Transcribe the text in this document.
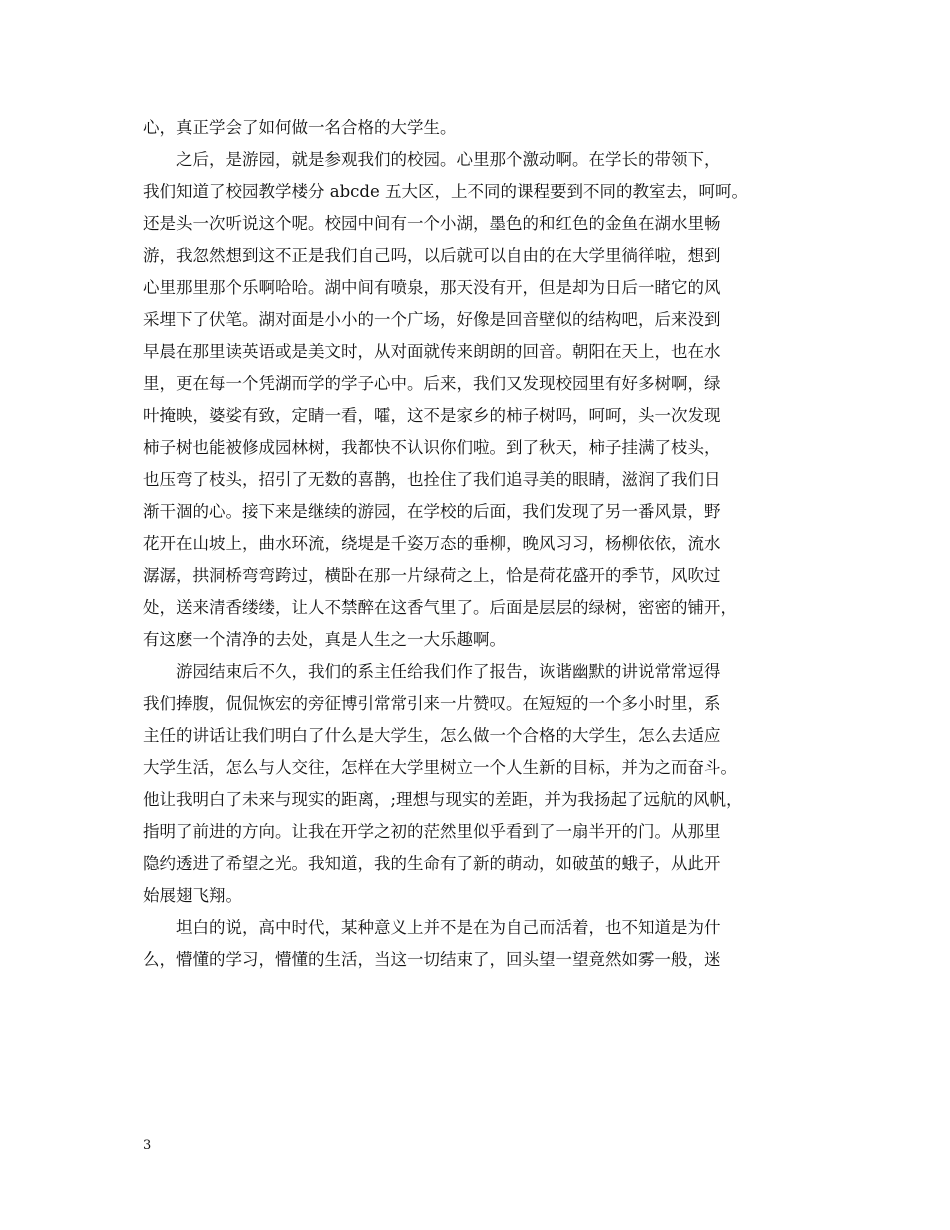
心，真正学会了如何做一名合格的大学生。
　　之后，是游园，就是参观我们的校园。心里那个激动啊。在学长的带领下，
我们知道了校园教学楼分 abcde 五大区，上不同的课程要到不同的教室去，呵呵。
还是头一次听说这个呢。校园中间有一个小湖，墨色的和红色的金鱼在湖水里畅
游，我忽然想到这不正是我们自己吗，以后就可以自由的在大学里徜徉啦，想到
心里那里那个乐啊哈哈。湖中间有喷泉，那天没有开，但是却为日后一睹它的风
采埋下了伏笔。湖对面是小小的一个广场，好像是回音壁似的结构吧，后来没到
早晨在那里读英语或是美文时，从对面就传来朗朗的回音。朝阳在天上，也在水
里，更在每一个凭湖而学的学子心中。后来，我们又发现校园里有好多树啊，绿
叶掩映，婆娑有致，定睛一看，嚯，这不是家乡的柿子树吗，呵呵，头一次发现
柿子树也能被修成园林树，我都快不认识你们啦。到了秋天，柿子挂满了枝头，
也压弯了枝头，招引了无数的喜鹊，也拴住了我们追寻美的眼睛，滋润了我们日
渐干涸的心。接下来是继续的游园，在学校的后面，我们发现了另一番风景，野
花开在山坡上，曲水环流，绕堤是千姿万态的垂柳，晚风习习，杨柳依依，流水
潺潺，拱洞桥弯弯跨过，横卧在那一片绿荷之上，恰是荷花盛开的季节，风吹过
处，送来清香缕缕，让人不禁醉在这香气里了。后面是层层的绿树，密密的铺开，
有这麽一个清净的去处，真是人生之一大乐趣啊。
　　游园结束后不久，我们的系主任给我们作了报告，诙谐幽默的讲说常常逗得
我们捧腹，侃侃恢宏的旁征博引常常引来一片赞叹。在短短的一个多小时里，系
主任的讲话让我们明白了什么是大学生，怎么做一个合格的大学生，怎么去适应
大学生活，怎么与人交往，怎样在大学里树立一个人生新的目标，并为之而奋斗。
他让我明白了未来与现实的距离，;理想与现实的差距，并为我扬起了远航的风帆，
指明了前进的方向。让我在开学之初的茫然里似乎看到了一扇半开的门。从那里
隐约透进了希望之光。我知道，我的生命有了新的萌动，如破茧的蛾子，从此开
始展翅飞翔。
　　坦白的说，高中时代，某种意义上并不是在为自己而活着，也不知道是为什
么，懵懂的学习，懵懂的生活，当这一切结束了，回头望一望竟然如雾一般，迷
3
